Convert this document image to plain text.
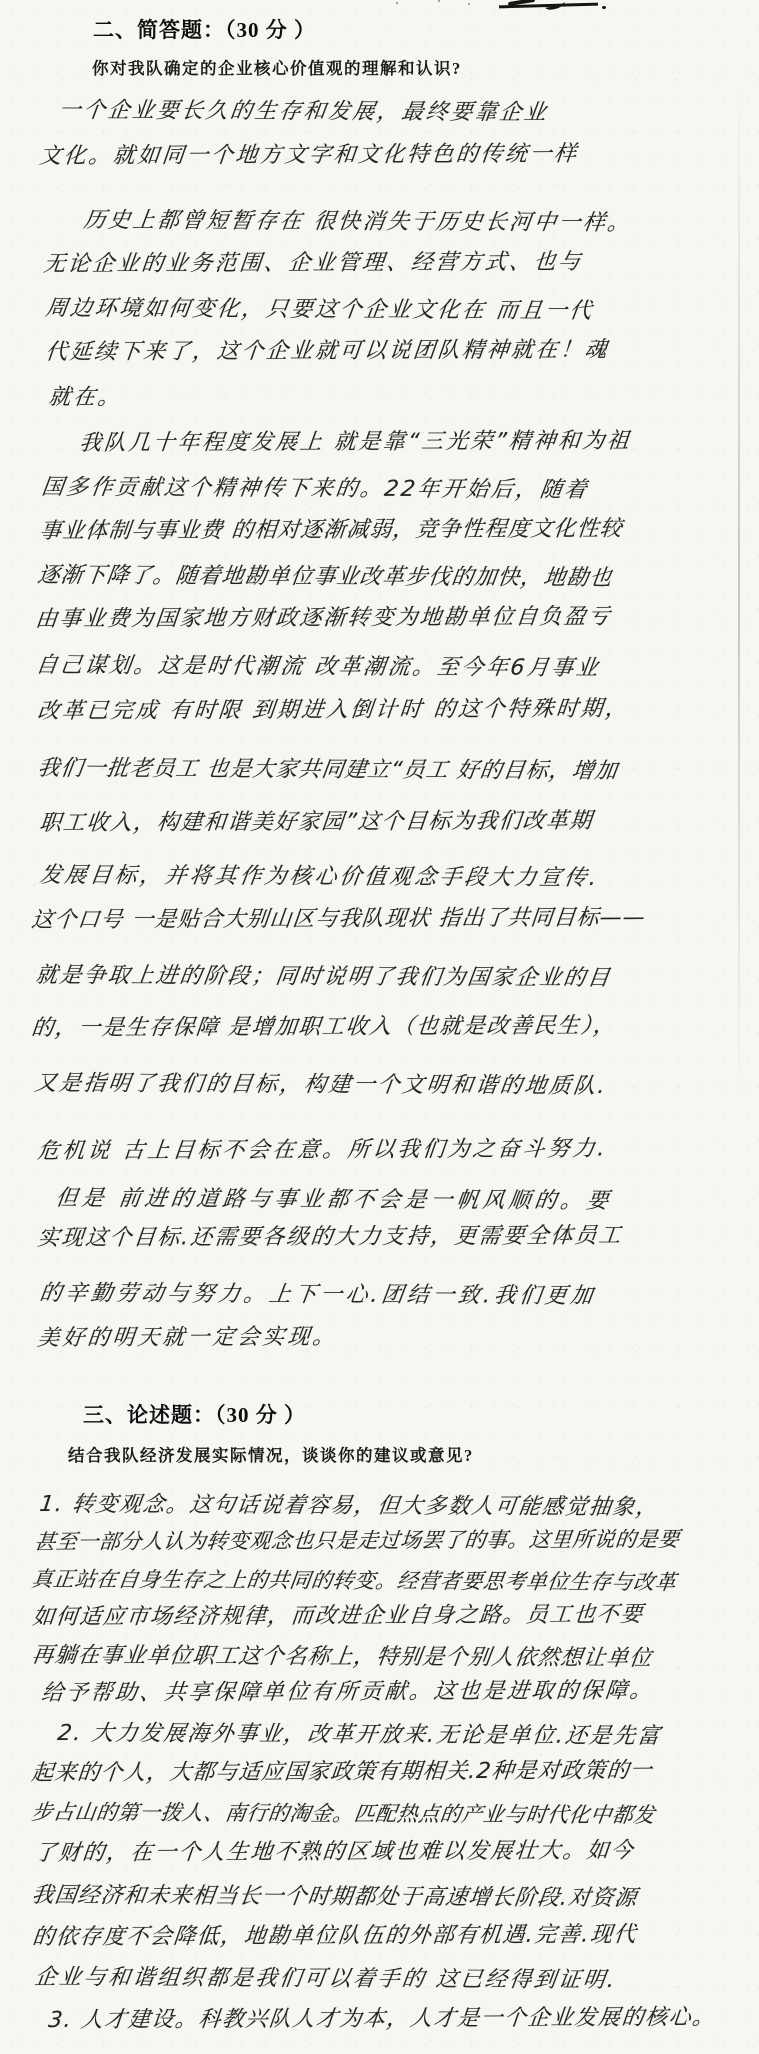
二、简答题：（30 分 ）
你对我队确定的企业核心价值观的理解和认识?
一个企业要长久的生存和发展，最终要靠企业
文化。就如同一个地方文字和文化特色的传统一样
历史上都曾短暂存在 很快消失于历史长河中一样。
无论企业的业务范围、企业管理、经营方式、也与
周边环境如何变化，只要这个企业文化在 而且一代
代延续下来了，这个企业就可以说团队精神就在！魂
就在。
我队几十年程度发展上 就是靠“三光荣”精神和为祖
国多作贡献这个精神传下来的。22年开始后，随着
事业体制与事业费 的相对逐渐减弱，竞争性程度文化性较
逐渐下降了。随着地勘单位事业改革步伐的加快，地勘也
由事业费为国家地方财政逐渐转变为地勘单位自负盈亏
自己谋划。这是时代潮流 改革潮流。至今年6月事业
改革已完成 有时限 到期进入倒计时 的这个特殊时期，
我们一批老员工 也是大家共同建立“员工 好的目标，增加
职工收入，构建和谐美好家园”这个目标为我们改革期
发展目标，并将其作为核心价值观念手段大力宣传.
这个口号 一是贴合大别山区与我队现状 指出了共同目标——
就是争取上进的阶段；同时说明了我们为国家企业的目
的，一是生存保障 是增加职工收入（也就是改善民生），
又是指明了我们的目标，构建一个文明和谐的地质队.
危机说 古上目标不会在意。所以我们为之奋斗努力.
但是 前进的道路与事业都不会是一帆风顺的。要
实现这个目标.还需要各级的大力支持，更需要全体员工
的辛勤劳动与努力。上下一心.团结一致.我们更加
美好的明天就一定会实现。
三、论述题：（30 分 ）
结合我队经济发展实际情况，谈谈你的建议或意见?
1. 转变观念。这句话说着容易，但大多数人可能感觉抽象，
甚至一部分人认为转变观念也只是走过场罢了的事。这里所说的是要
真正站在自身生存之上的共同的转变。经营者要思考单位生存与改革
如何适应市场经济规律，而改进企业自身之路。员工也不要
再躺在事业单位职工这个名称上，特别是个别人依然想让单位
给予帮助、共享保障单位有所贡献。这也是进取的保障。
2. 大力发展海外事业，改革开放来.无论是单位.还是先富
起来的个人，大都与适应国家政策有期相关.2种是对政策的一
步占山的第一拨人、南行的淘金。匹配热点的产业与时代化中都发
了财的，在一个人生地不熟的区域也难以发展壮大。如今
我国经济和未来相当长一个时期都处于高速增长阶段.对资源
的依存度不会降低，地勘单位队伍的外部有机遇.完善.现代
企业与和谐组织都是我们可以着手的 这已经得到证明.
3. 人才建设。科教兴队人才为本，人才是一个企业发展的核心。
